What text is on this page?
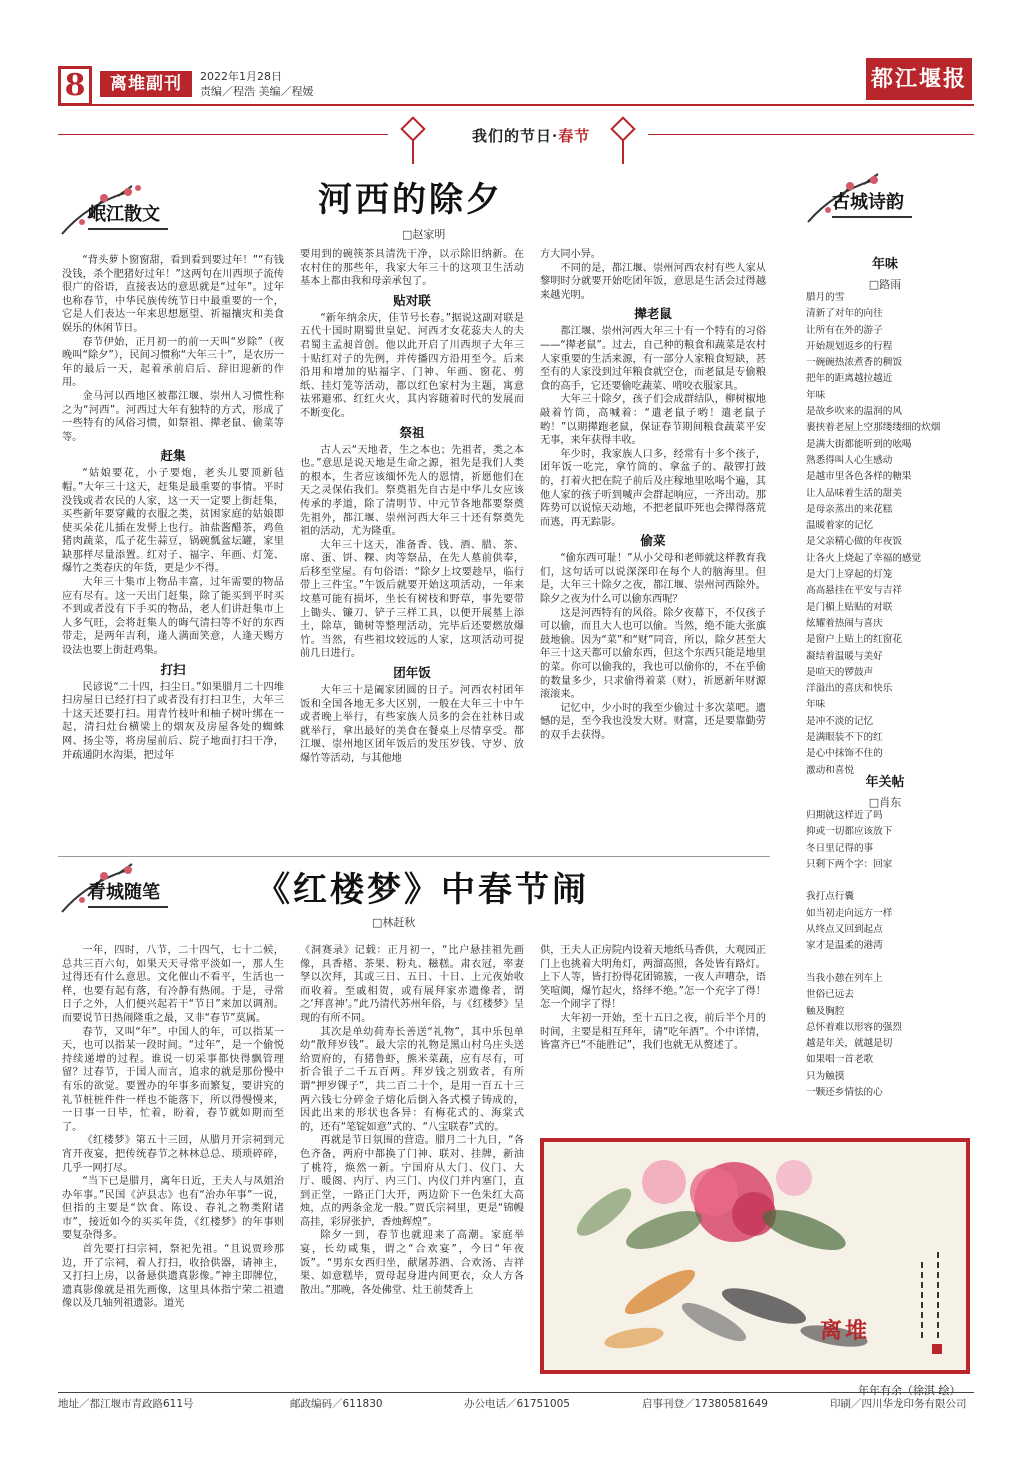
8	离堆副刊	2022年1月28日
责编／程浩 美编／程媛	都江堰报
我们的节日·春节
岷江散文
古城诗韵
青城随笔
河西的除夕
□赵家明

“背头萝卜窗窗甜，看到看到要过年！”“有钱没钱，杀个肥猪好过年！”这两句在川西坝子流传很广的俗语，直接表达的意思就是“过年”。过年也称春节，中华民族传统节日中最重要的一个，它是人们表达一年来思想愿望、祈福攘灾和美食娱乐的休闲节日。

春节伊始，正月初一的前一天叫“岁除”（夜晚叫“除夕”），民间习惯称“大年三十”，是农历一年的最后一天，起着承前启后、辞旧迎新的作用。

金马河以西地区被都江堰、崇州人习惯性称之为“河西”。河西过大年有独特的方式，形成了一些特有的风俗习惯，如祭祖、撵老鼠、偷菜等等。

赶集

“姑娘要花，小子要炮，老头儿要顶新毡帽。”大年三十这天，赶集是最重要的事情。平时没钱或者农民的人家，这一天一定要上街赶集，买些新年要穿戴的衣服之类，贫困家庭的姑娘即使买朵花儿插在发髻上也行。油盐酱醋茶，鸡鱼猪肉蔬菜，瓜子花生蒜豆，锅碗瓢盆坛罐，家里缺那样尽量添置。红对子、福字、年画、灯笼、爆竹之类春庆的年货，更是少不得。

大年三十集市上物品丰富，过年需要的物品应有尽有。这一天出门赶集，除了能买到平时买不到或者没有下手买的物品，老人们讲赶集市上人多气旺，会将赶集人的晦气清扫等不好的东西带走，是两年吉利，逢人满面笑意，人逢天赐方设法也要上街赶鸡集。

打扫

民谚说“二十四，扫尘日。”如果腊月二十四堆扫房屋日已经打扫了或者没有打扫卫生，大年三十这天还要打扫。用青竹枝叶和柚子树叶绑在一起，清扫灶台横梁上的烟灰及房屋各处的蜘蛛网、扬尘等，将房屋前后、院子地面打扫干净，并疏通阴水沟渠，把过年

要用到的碗筷茶具清洗干净，以示除旧纳新。在农村住的那些年，我家大年三十的这项卫生活动基本上都由我和母亲承包了。

贴对联

“新年纳余庆，佳节号长春。”据说这副对联是五代十国时期蜀世皇妃、河西才女花蕊夫人的夫君蜀主孟昶首创。他以此开启了川西坝子大年三十贴红对子的先例，并传播四方沿用至今。后来沿用和增加的贴福字、门神、年画、窗花、剪纸、挂灯笼等活动，都以红色家村为主题，寓意祛邪避邪、红红火火，其内容随着时代的发展而不断变化。

祭祖

古人云“天地者，生之本也；先祖者，类之本也。”意思是说天地是生命之源，祖先是我们人类的根本，生者应该缅怀先人的恩情，祈愿他们在天之灵保佑我们。祭奠祖先自古是中华儿女应该传承的孝道，除了清明节、中元节各地都要祭奠先祖外，都江堰、崇州河西大年三十还有祭奠先祖的活动，尤为隆重。

大年三十这天，准备香、钱、酒、腊、茶、席、蛋、饼、粿、肉等祭品，在先人墓前供奉，后移至堂屋。有句俗语：“除夕上坟要趁早，临行带上三件宝。”午饭后就要开始这项活动，一年来坟墓可能有损坏，坐长有树枝和野草，事先要带上锄头、镰刀、铲子三样工具，以便开展墓上添土，除草，锄树等整理活动，完毕后还要燃放爆竹。当然，有些祖坟较远的人家，这项活动可提前几日进行。

团年饭

大年三十是阖家团圆的日子。河西农村团年饭和全国各地无多大区别，一般在大年三十中午或者晚上举行，有些家族人员多的会在社林日或就举行，拿出最好的美食在餐桌上尽情享受。都江堰、崇州地区团年饭后的发压岁钱、守岁、放爆竹等活动，与其他地

方大同小异。

不同的是，都江堰、崇州河西农村有些人家从黎明时分就要开始吃团年饭，意思是生活会过得越来越光明。

撵老鼠

都江堰、崇州河西大年三十有一个特有的习俗——“撵老鼠”。过去，自己种的粮食和蔬菜是农村人家重要的生活来源，有一部分人家粮食短缺，甚至有的人家没到过年粮食就空仓，而老鼠是专偷粮食的高手，它还要偷吃蔬菜、啃咬衣服家具。

大年三十除夕，孩子们会成群结队，柳树椒地敲着竹筒，高喊着：“遣老鼠子哟！遣老鼠子哟！”以期撵跑老鼠，保证春节期间粮食蔬菜平安无事，来年获得丰收。

年少时，我家族人口多，经常有十多个孩子，团年饭一吃完，拿竹筒的、拿盆子的、敲锣打鼓的，打着火把在院子前后及庄稼地里吆喝个遍，其他人家的孩子听到喊声会群起响应，一齐出动。那阵势可以说惊天动地，不把老鼠吓死也会撵得落荒而逃，再无踪影。

偷菜

“偷东西可耻！”从小父母和老师就这样教育我们，这句话可以说深深印在每个人的脑海里。但是，大年三十除夕之夜，都江堰、崇州河西除外。除夕之夜为什么可以偷东西呢？

这是河西特有的风俗。除夕夜幕下，不仅孩子可以偷，而且大人也可以偷。当然，绝不能大张旗鼓地偷。因为“菜”和“财”同音，所以，除夕甚至大年三十这天都可以偷东西，但这个东西只能是地里的菜。你可以偷我的，我也可以偷你的，不在乎偷的数量多少，只求偷得着菜（财），祈愿新年财源滚滚来。

记忆中，少小时的我至少偷过十多次菜吧。遗憾的是，至今我也没发大财。财富，还是要靠勤劳的双手去获得。

《红楼梦》中春节闹
□林赶秋

一年，四时，八节，二十四气，七十二候，总共三百六旬，如果天天寻常平淡如一，那人生过得还有什么意思。文化催山不看平，生活也一样，也要有起有落，有冷静有热闹。于是，寻常日子之外，人们便兴起若干“节日”来加以调剂。而要说节日热闹隆重之最，又非“春节”莫属。

春节，又叫“年”。中国人的年，可以指某一天，也可以指某一段时间。“过年”，是一个偷悦持续递增的过程。谁说一切采事都快得飘管理留？过春节，于国人而言，追求的就是那份慢中有乐的欲觉。要置办的年事多而繁复，要讲究的礼节桩桩件件一样也不能落下，所以得慢慢来，一日事一日毕，忙着，盼着，春节就如期而至了。

《红楼梦》第五十三回，从腊月开宗祠到元宵开夜宴，把传统春节之林林总总、琐琐碎碎，几乎一网打尽。

“当下已是腊月，离年日近，王夫人与凤姐治办年事。”民国《泸县志》也有“治办年事”一说，但指的主要是“饮食、陈设、春礼之物类附诸市”，接近如今的买买年货，《红楼梦》的年事则要复杂得多。

首先要打扫宗祠，祭祀先祖。“且说贾珍那边，开了宗祠，着人打扫，收拾供器，请神主，又打扫上房，以备悬供遗真影像。”神主即牌位，遗真影像就是祖先画像，这里具体指宁荣二祖遗像以及几轴列祖遗影。道光

《洞赛录》记载：正月初一，“比户悬挂祖先画像，具香楮、茶果、粉丸、糍糕。肃衣冠，率妻孥以次拜，其或三日、五日、十日、上元夜始收而收着。至戚相贺，或有展拜家赤遗像者，谓之‘拜喜神’。”此乃清代苏州年俗，与《红楼梦》呈现的有所不同。

其次是单幼荷寿长善送“礼物”，其中乐包单幼“散拜岁钱”。最大宗的礼物是黑山村乌庄头送给贾府的，有猪鲁虾，熊米菜蔬，应有尽有，可折合银子二千五百两。拜岁钱之别致者，有所谓“押岁锞子”，共二百二十个，是用一百五十三两六钱七分碎金子熔化后倒入各式模子铸成的，因此出来的形状也各异：有梅花式的、海棠式的，还有“笔锭如意”式的、“八宝联春”式的。

再就是节日氛围的营造。腊月二十九日，“各色齐备，两府中都换了门神、联对、挂牌，新油了桃符，焕然一新。宁国府从大门、仪门、大厅、暖阁、内厅、内三门、内仪门并内塞门，直到正堂，一路正门大开，两边阶下一色朱红大高烛，点的两条金龙一般。”贾氏宗祠里，更是“锦幔高挂，彩屏张护，香烛辉煌”。

除夕一到，春节也就迎来了高潮。家庭举宴，长幼咸集，谓之“合欢宴”，今曰“年夜饭”。“男东女西归坐，献屠苏酒、合欢汤、吉祥果、如意糕毕，贾母起身进内间更衣，众人方各散出。”那晚，各处佛堂、灶王前焚香上

供，王夫人正房院内设着天地纸马香供，大观园正门上也挑着大明角灯，两溜高照，各处皆有路灯。上下人等，皆打扮得花团锦簇，一夜人声嘈杂，语笑喧阗，爆竹起火，络绎不绝。”怎一个充字了得！怎一个闹字了得！

大年初一开始，至十五日之夜，前后半个月的时间，主要是相互拜年，请“吃年酒”。个中详情，皆富齐已“不能胜记”，我们也就无从赘述了。

年味
□路雨
腊月的雪
清新了对年的向往
让所有在外的游子
开始规划返乡的行程
一碗碗热浓煮香的稠饭
把年的距离越拉越近
年味
是故乡吹来的温润的风
裹挟着老屋上空那缕缕细的炊烟
是满大街都能听到的吆喝
熟悉得叫人心生感动
是越市里各色各样的糖果
让人品味着生活的甜美
是母亲蒸出的来花糕
温暖着家的记忆
是父亲精心做的年夜饭
让各火上烧起了幸福的感觉
是大门上穿起的灯笼
高高悬挂在平安与吉祥
是门楣上贴贴的对联
炫耀着热闹与喜庆
是窗户上贴上的红窗花
凝结着温暖与美好
是喧天的锣鼓声
洋溢出的喜庆和快乐
年味
是冲不淡的记忆
是满眼装不下的红
是心中抹饰不住的
激动和喜悦
年关帖
□肖东
归期就这样近了吗
抑或一切都应该放下
冬日里记得的事
只剩下两个字：回家
我打点行囊
如当初走向远方一样
从终点又回到起点
家才是温柔的港湾
当我小憩在列车上
世俗已远去
触及胸腔
总怀着难以形容的强烈
越是年关，就越是切
如果唱一首老歌
只为触摸
一颗还乡情怯的心
离堆
年年有余（徐淇 绘）
地址／都江堰市青政路611号	邮政编码／611830	办公电话／61751005	启事刊登／17380581649	印刷／四川华龙印务有限公司
